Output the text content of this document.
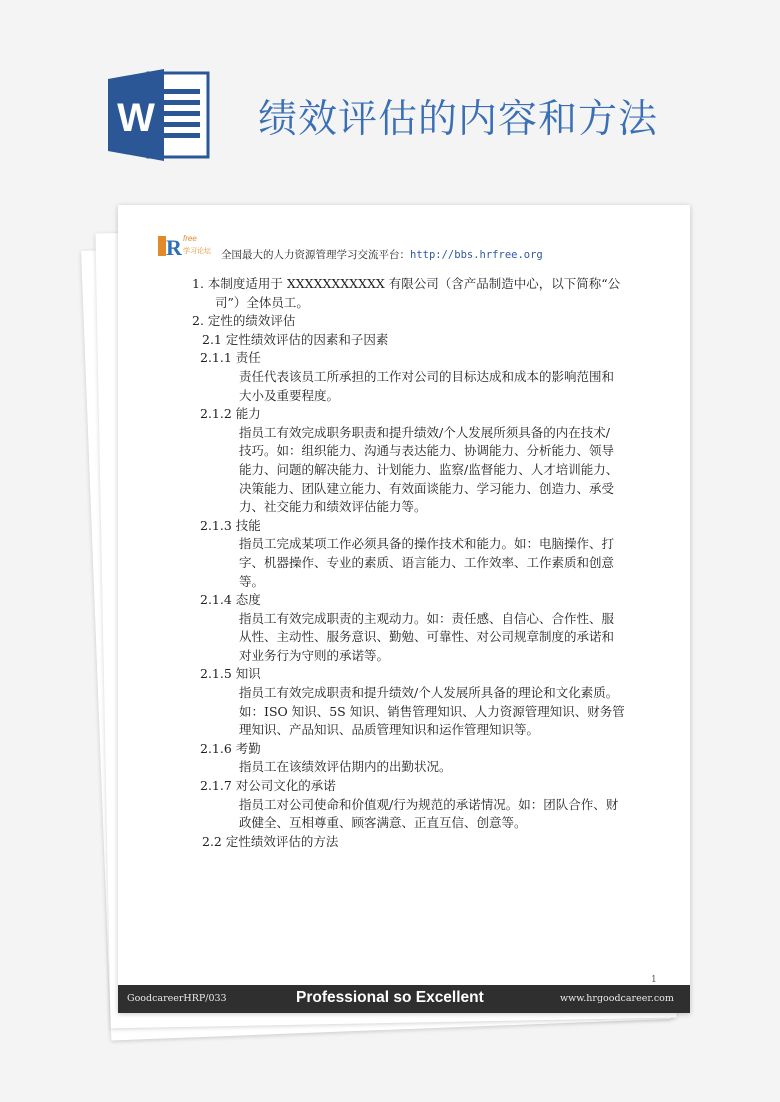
W	绩效评估的内容和方法
R free
学习论坛 全国最大的人力资源管理学习交流平台：http://bbs.hrfree.org
1. 本制度适用于 XXXXXXXXXXX 有限公司（含产品制造中心，以下简称“公
司”）全体员工。
2. 定性的绩效评估
2.1 定性绩效评估的因素和子因素
2.1.1 责任
责任代表该员工所承担的工作对公司的目标达成和成本的影响范围和
大小及重要程度。
2.1.2 能力
指员工有效完成职务职责和提升绩效/个人发展所须具备的内在技术/
技巧。如：组织能力、沟通与表达能力、协调能力、分析能力、领导
能力、问题的解决能力、计划能力、监察/监督能力、人才培训能力、
决策能力、团队建立能力、有效面谈能力、学习能力、创造力、承受
力、社交能力和绩效评估能力等。
2.1.3 技能
指员工完成某项工作必须具备的操作技术和能力。如：电脑操作、打
字、机器操作、专业的素质、语言能力、工作效率、工作素质和创意
等。
2.1.4 态度
指员工有效完成职责的主观动力。如：责任感、自信心、合作性、服
从性、主动性、服务意识、勤勉、可靠性、对公司规章制度的承诺和
对业务行为守则的承诺等。
2.1.5 知识
指员工有效完成职责和提升绩效/个人发展所具备的理论和文化素质。
如：ISO 知识、5S 知识、销售管理知识、人力资源管理知识、财务管
理知识、产品知识、品质管理知识和运作管理知识等。
2.1.6 考勤
指员工在该绩效评估期内的出勤状况。
2.1.7 对公司文化的承诺
指员工对公司使命和价值观/行为规范的承诺情况。如：团队合作、财
政健全、互相尊重、顾客满意、正直互信、创意等。
2.2 定性绩效评估的方法
1
GoodcareerHRP/033	Professional so Excellent	www.hrgoodcareer.com
